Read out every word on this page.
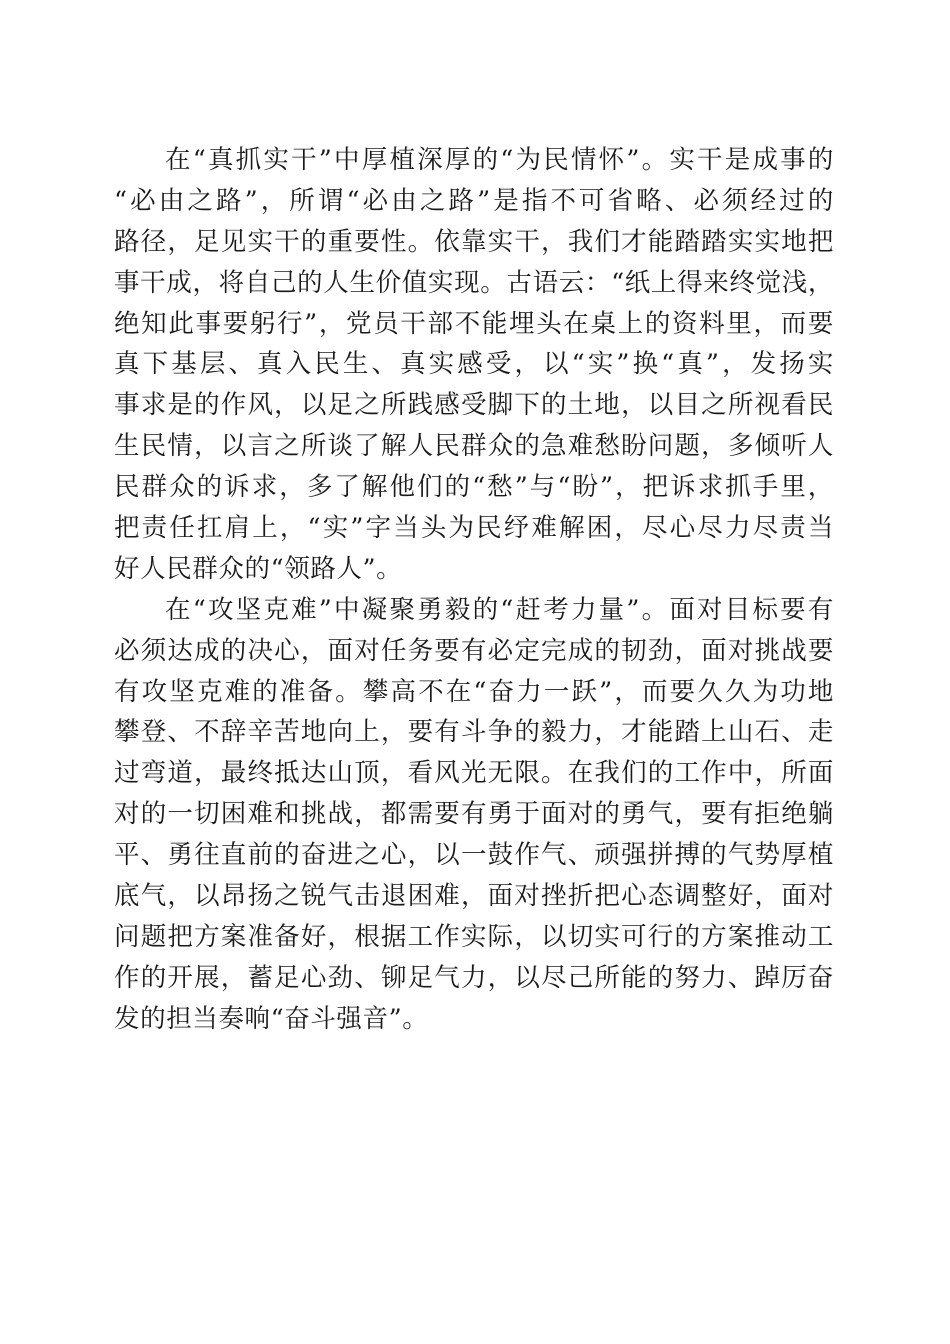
在“真抓实干”中厚植深厚的“为民情怀”。实干是成事的
“必由之路”，所谓“必由之路”是指不可省略、必须经过的
路径，足见实干的重要性。依靠实干，我们才能踏踏实实地把
事干成，将自己的人生价值实现。古语云：“纸上得来终觉浅，
绝知此事要躬行”，党员干部不能埋头在桌上的资料里，而要
真下基层、真入民生、真实感受，以“实”换“真”，发扬实
事求是的作风，以足之所践感受脚下的土地，以目之所视看民
生民情，以言之所谈了解人民群众的急难愁盼问题，多倾听人
民群众的诉求，多了解他们的“愁”与“盼”，把诉求抓手里，
把责任扛肩上，“实”字当头为民纾难解困，尽心尽力尽责当
好人民群众的“领路人”。
在“攻坚克难”中凝聚勇毅的“赶考力量”。面对目标要有
必须达成的决心，面对任务要有必定完成的韧劲，面对挑战要
有攻坚克难的准备。攀高不在“奋力一跃”，而要久久为功地
攀登、不辞辛苦地向上，要有斗争的毅力，才能踏上山石、走
过弯道，最终抵达山顶，看风光无限。在我们的工作中，所面
对的一切困难和挑战，都需要有勇于面对的勇气，要有拒绝躺
平、勇往直前的奋进之心，以一鼓作气、顽强拼搏的气势厚植
底气，以昂扬之锐气击退困难，面对挫折把心态调整好，面对
问题把方案准备好，根据工作实际，以切实可行的方案推动工
作的开展，蓄足心劲、铆足气力，以尽己所能的努力、踔厉奋
发的担当奏响“奋斗强音”。
